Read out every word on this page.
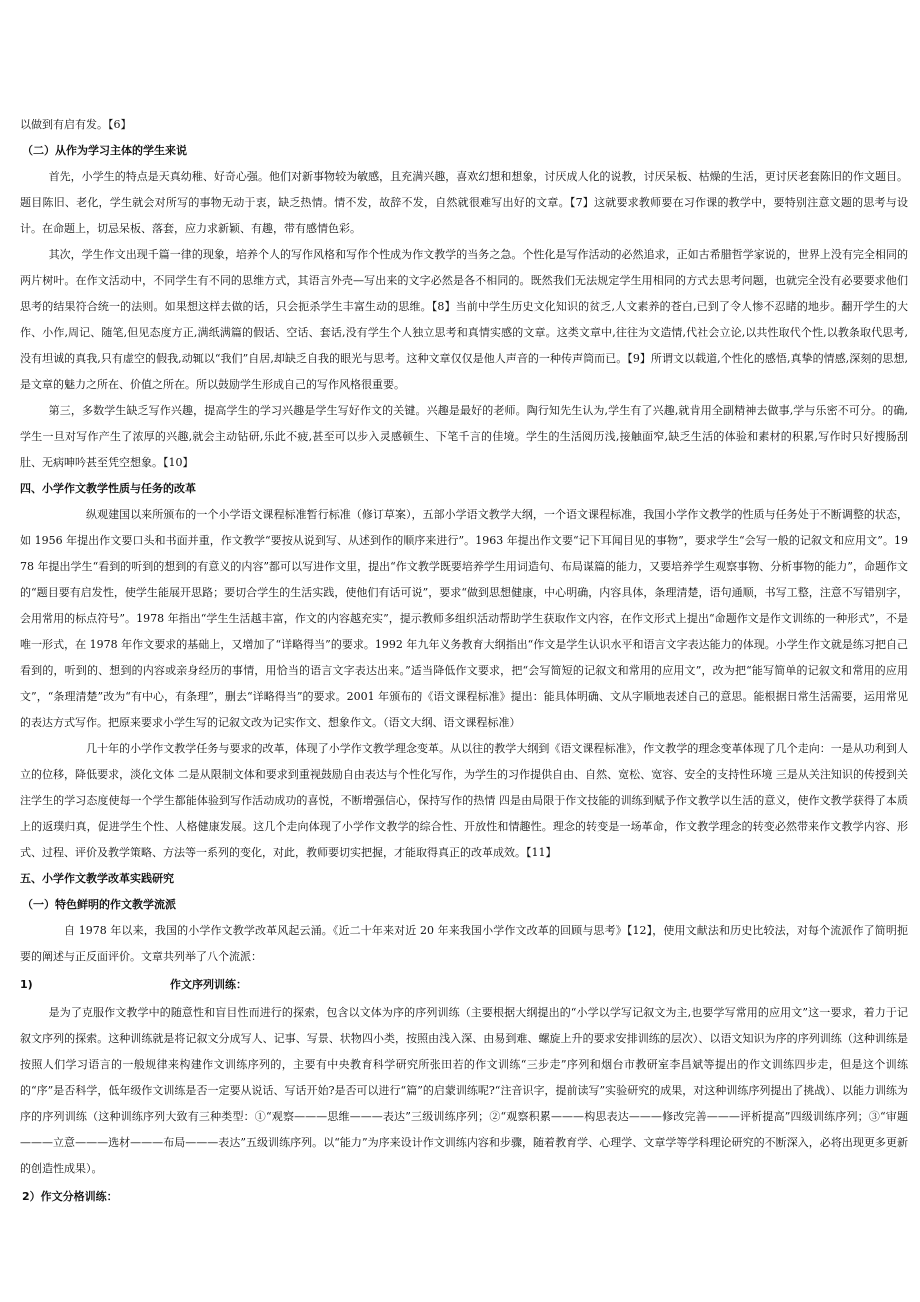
以做到有启有发。【6】

（二）从作为学习主体的学生来说

首先，小学生的特点是天真幼稚、好奇心强。他们对新事物较为敏感，且充满兴趣，喜欢幻想和想象，讨厌成人化的说教，讨厌呆板、枯燥的生活，更讨厌老套陈旧的作文题目。题目陈旧、老化，学生就会对所写的事物无动于衷，缺乏热情。情不发，故辞不发，自然就很难写出好的文章。【7】这就要求教师要在习作课的教学中，要特别注意文题的思考与设计。在命题上，切忌呆板、落套，应力求新颖、有趣，带有感情色彩。

其次，学生作文出现千篇一律的现象，培养个人的写作风格和写作个性成为作文教学的当务之急。个性化是写作活动的必然追求，正如古希腊哲学家说的，世界上没有完全相同的两片树叶。在作文活动中，不同学生有不同的思维方式，其语言外壳—写出来的文字必然是各不相同的。既然我们无法规定学生用相同的方式去思考问题，也就完全没有必要要求他们思考的结果符合统一的法则。如果想这样去做的话，只会扼杀学生丰富生动的思维。【8】当前中学生历史文化知识的贫乏,人文素养的苍白,已到了令人惨不忍睹的地步。翻开学生的大作、小作,周记、随笔,但见态度方正,满纸满篇的假话、空话、套话,没有学生个人独立思考和真情实感的文章。这类文章中,往往为文造情,代社会立论,以共性取代个性,以教条取代思考,没有坦诚的真我,只有虚空的假我,动辄以“我们”自居,却缺乏自我的眼光与思考。这种文章仅仅是他人声音的一种传声筒而已。【9】所谓文以载道,个性化的感悟,真挚的情感,深刻的思想,是文章的魅力之所在、价值之所在。所以鼓励学生形成自己的写作风格很重要。

第三，多数学生缺乏写作兴趣，提高学生的学习兴趣是学生写好作文的关键。兴趣是最好的老师。陶行知先生认为,学生有了兴趣,就肯用全副精神去做事,学与乐密不可分。的确,学生一旦对写作产生了浓厚的兴趣,就会主动钻研,乐此不疲,甚至可以步入灵感顿生、下笔千言的佳境。学生的生活阅历浅,接触面窄,缺乏生活的体验和素材的积累,写作时只好搜肠刮肚、无病呻吟甚至凭空想象。【10】

四、小学作文教学性质与任务的改革

纵观建国以来所颁布的一个小学语文课程标准暂行标准（修订草案），五部小学语文教学大纲，一个语文课程标准，我国小学作文教学的性质与任务处于不断调整的状态，如 1956 年提出作文要口头和书面并重，作文教学“要按从说到写、从述到作的顺序来进行”。1963 年提出作文要“记下耳闻目见的事物”，要求学生“会写一般的记叙文和应用文”。1978 年提出学生“看到的听到的想到的有意义的内容”都可以写进作文里，提出“作文教学既要培养学生用词造句、布局谋篇的能力，又要培养学生观察事物、分析事物的能力”，命题作文的“题目要有启发性，使学生能展开思路；要切合学生的生活实践，使他们有话可说”，要求“做到思想健康，中心明确，内容具体，条理清楚，语句通顺，书写工整，注意不写错别字，会用常用的标点符号”。1978 年指出“学生生活越丰富，作文的内容越充实”，提示教师多组织活动帮助学生获取作文内容，在作文形式上提出“命题作文是作文训练的一种形式”，不是唯一形式，在 1978 年作文要求的基础上，又增加了“详略得当”的要求。1992 年九年义务教育大纲指出“作文是学生认识水平和语言文字表达能力的体现。小学生作文就是练习把自己看到的，听到的、想到的内容或亲身经历的事情，用恰当的语言文字表达出来。”适当降低作文要求，把“会写简短的记叙文和常用的应用文”，改为把“能写简单的记叙文和常用的应用文”，“条理清楚”改为“有中心，有条理”，删去“详略得当”的要求。2001 年颁布的《语文课程标准》提出：能具体明确、文从字顺地表述自己的意思。能根据日常生活需要，运用常见的表达方式写作。把原来要求小学生写的记叙文改为记实作文、想象作文。（语文大纲、语文课程标准）

几十年的小学作文教学任务与要求的改革，体现了小学作文教学理念变革。从以往的教学大纲到《语文课程标准》，作文教学的理念变革体现了几个走向：一是从功利到人立的位移，降低要求，淡化文体 二是从限制文体和要求到重视鼓励自由表达与个性化写作，为学生的习作提供自由、自然、宽松、宽容、安全的支持性环境 三是从关注知识的传授到关注学生的学习态度使每一个学生都能体验到写作活动成功的喜悦，不断增强信心，保持写作的热情 四是由局限于作文技能的训练到赋予作文教学以生活的意义，使作文教学获得了本质上的返璞归真，促进学生个性、人格健康发展。这几个走向体现了小学作文教学的综合性、开放性和情趣性。理念的转变是一场革命，作文教学理念的转变必然带来作文教学内容、形式、过程、评价及教学策略、方法等一系列的变化，对此，教师要切实把握，才能取得真正的改革成效。【11】

五、小学作文教学改革实践研究
（一）特色鲜明的作文教学流派

自 1978 年以来，我国的小学作文教学改革风起云涌。《近二十年来对近 20 年来我国小学作文改革的回顾与思考》【12】，使用文献法和历史比较法，对每个流派作了简明扼要的阐述与正反面评价。文章共列举了八个流派：

1)	作文序列训练：

是为了克服作文教学中的随意性和盲目性而进行的探索，包含以文体为序的序列训练（主要根据大纲提出的“小学以学写记叙文为主,也要学写常用的应用文”这一要求，着力于记叙文序列的探索。这种训练就是将记叙文分成写人、记事、写景、状物四小类，按照由浅入深、由易到难、螺旋上升的要求安排训练的层次）、以语文知识为序的序列训练（这种训练是按照人们学习语言的一般规律来构建作文训练序列的，主要有中央教育科学研究所张田若的作文训练“三步走”序列和烟台市教研室李昌斌等提出的作文训练四步走，但是这个训练的“序”是否科学，低年级作文训练是否一定要从说话、写话开始?是否可以进行“篇”的启蒙训练呢?“注音识字，提前读写”实验研究的成果，对这种训练序列提出了挑战）、以能力训练为序的序列训练（这种训练序列大致有三种类型：①“观察———思维———表达”三级训练序列；②“观察积累———构思表达———修改完善———评析提高”四级训练序列；③“审题———立意———选材———布局———表达”五级训练序列。以“能力”为序来设计作文训练内容和步骤，随着教育学、心理学、文章学等学科理论研究的不断深入，必将出现更多更新的创造性成果）。

2）作文分格训练：
